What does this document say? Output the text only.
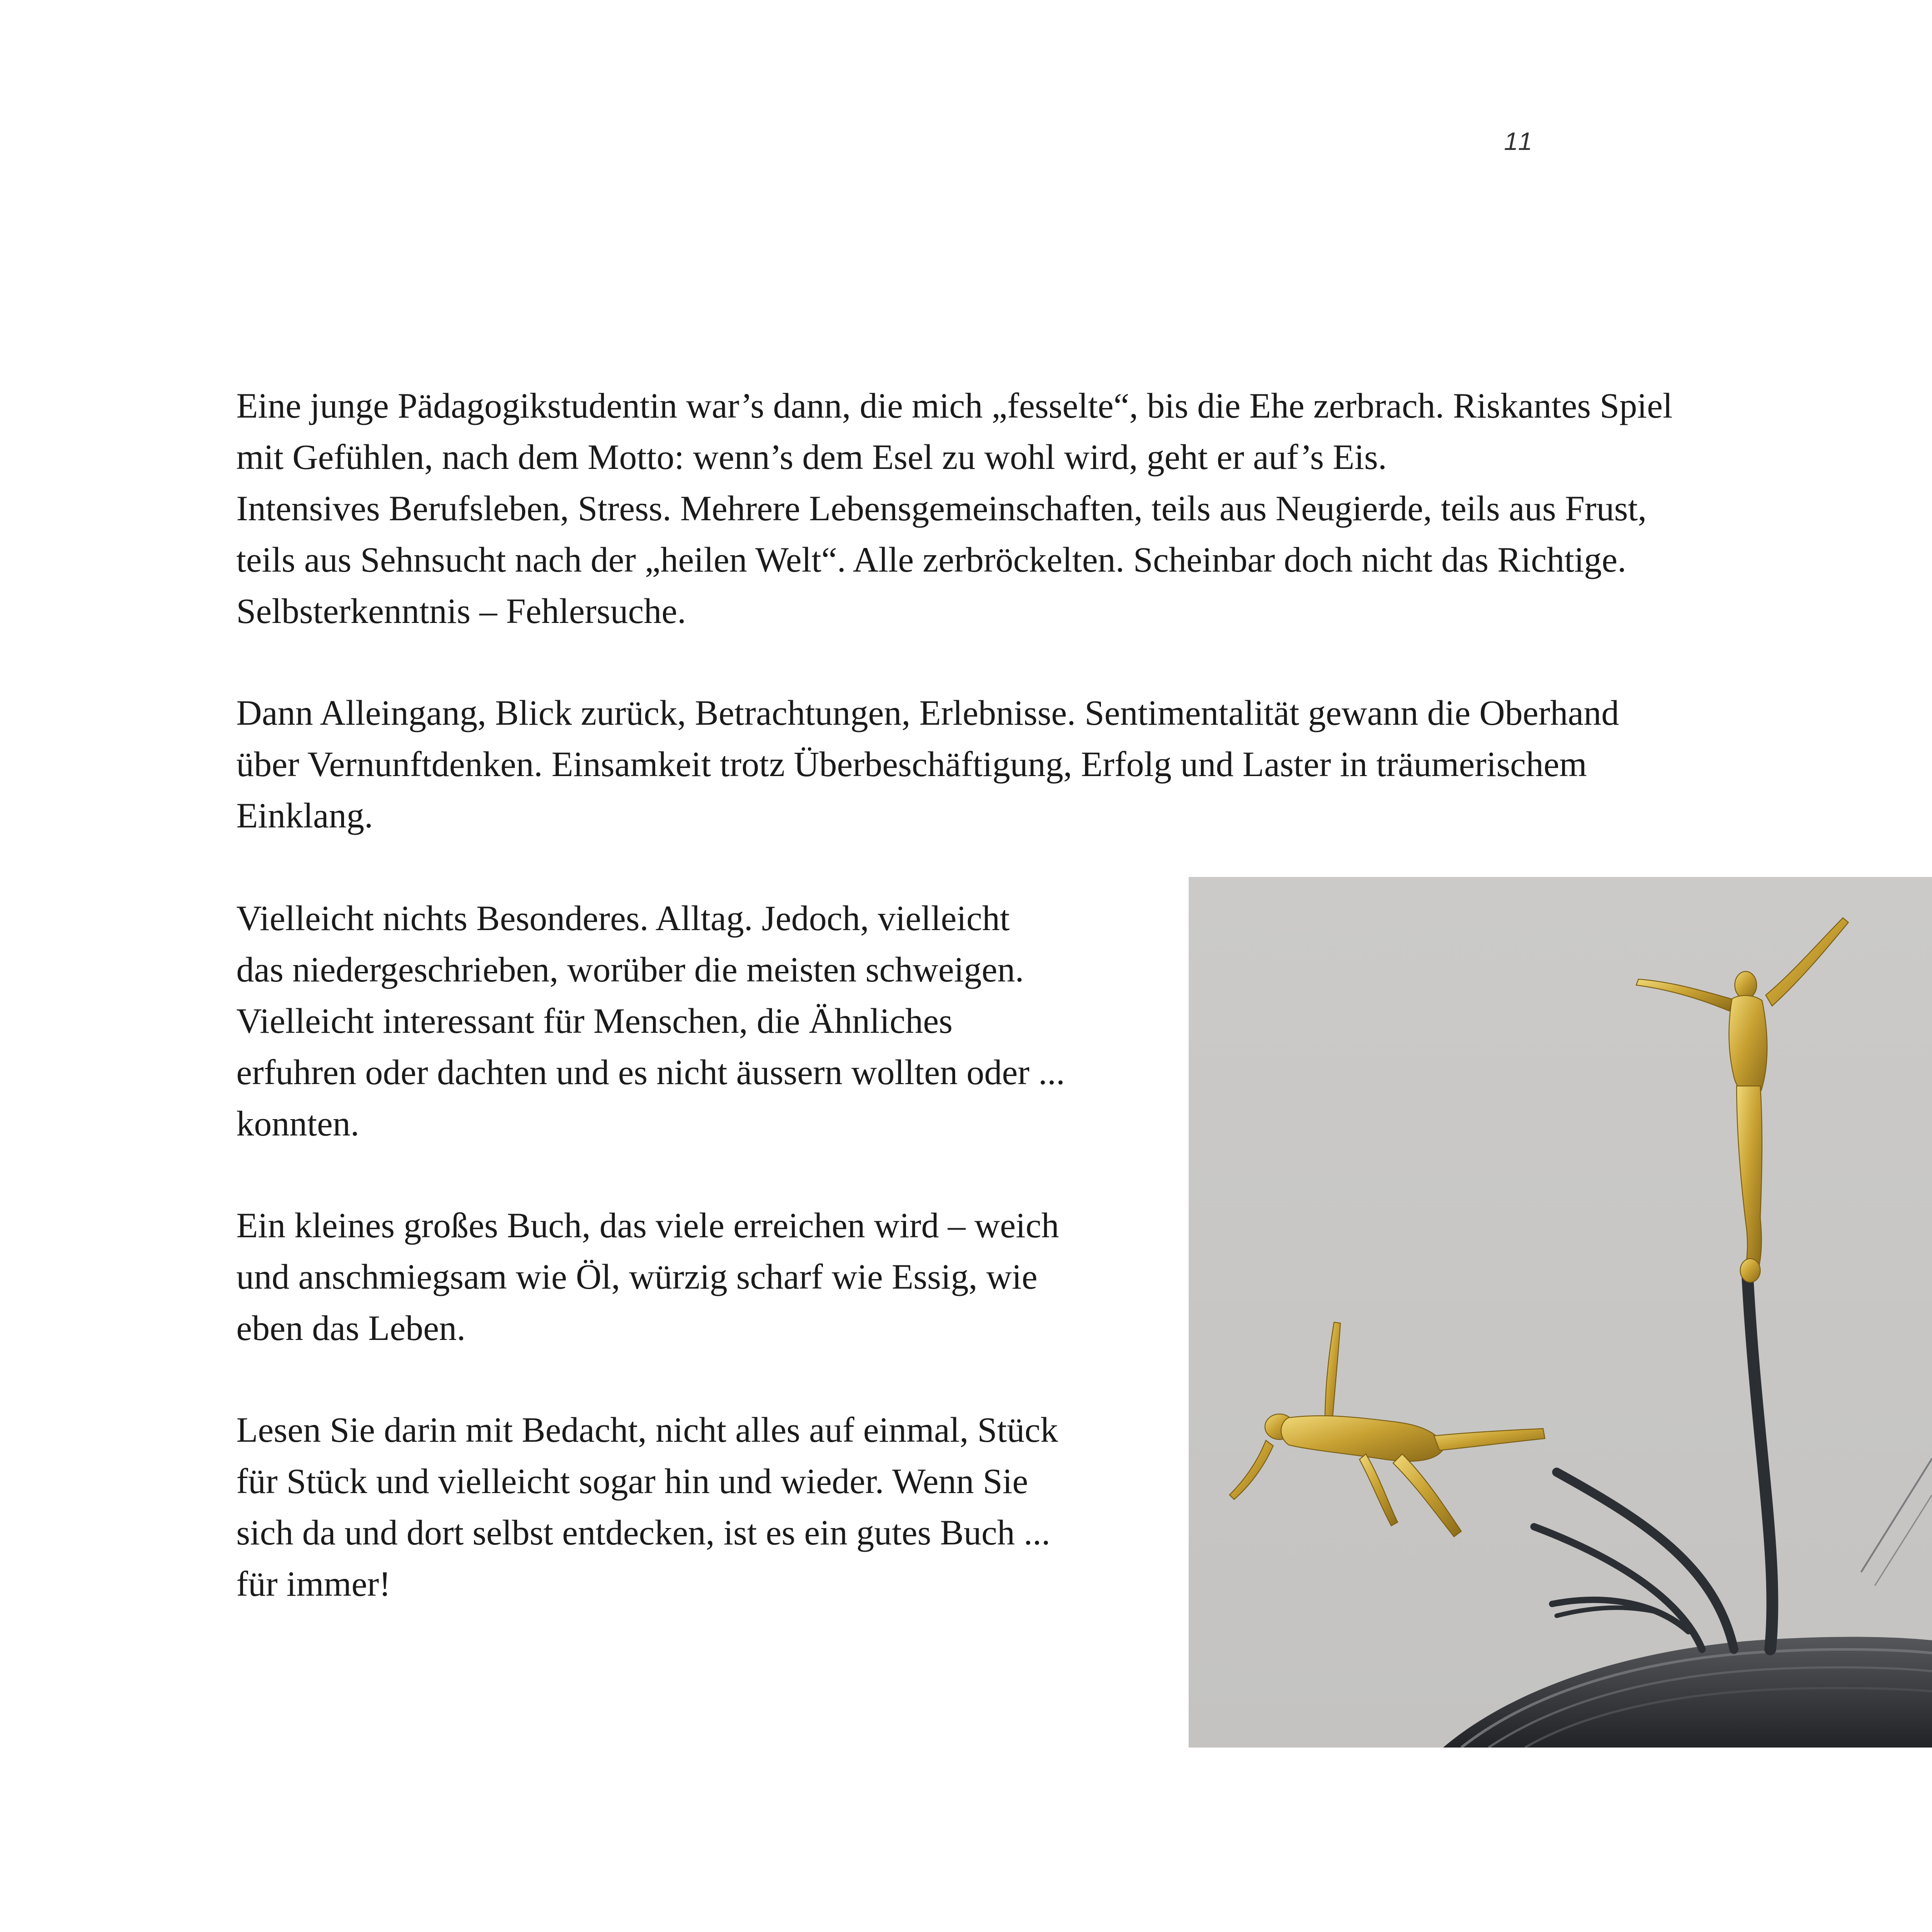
11

Eine junge Pädagogikstudentin war’s dann, die mich „fesselte“, bis die Ehe zerbrach. Riskantes Spiel
mit Gefühlen, nach dem Motto: wenn’s dem Esel zu wohl wird, geht er auf’s Eis.
Intensives Berufsleben, Stress. Mehrere Lebensgemeinschaften, teils aus Neugierde, teils aus Frust,
teils aus Sehnsucht nach der „heilen Welt“. Alle zerbröckelten. Scheinbar doch nicht das Richtige.
Selbsterkenntnis – Fehlersuche.

Dann Alleingang, Blick zurück, Betrachtungen, Erlebnisse. Sentimentalität gewann die Oberhand
über Vernunftdenken. Einsamkeit trotz Überbeschäftigung, Erfolg und Laster in träumerischem
Einklang.

Vielleicht nichts Besonderes. Alltag. Jedoch, vielleicht
das niedergeschrieben, worüber die meisten schweigen.
Vielleicht interessant für Menschen, die Ähnliches
erfuhren oder dachten und es nicht äussern wollten oder ...
konnten.

Ein kleines großes Buch, das viele erreichen wird – weich
und anschmiegsam wie Öl, würzig scharf wie Essig, wie
eben das Leben.

Lesen Sie darin mit Bedacht, nicht alles auf einmal, Stück
für Stück und vielleicht sogar hin und wieder. Wenn Sie
sich da und dort selbst entdecken, ist es ein gutes Buch ...
für immer!
